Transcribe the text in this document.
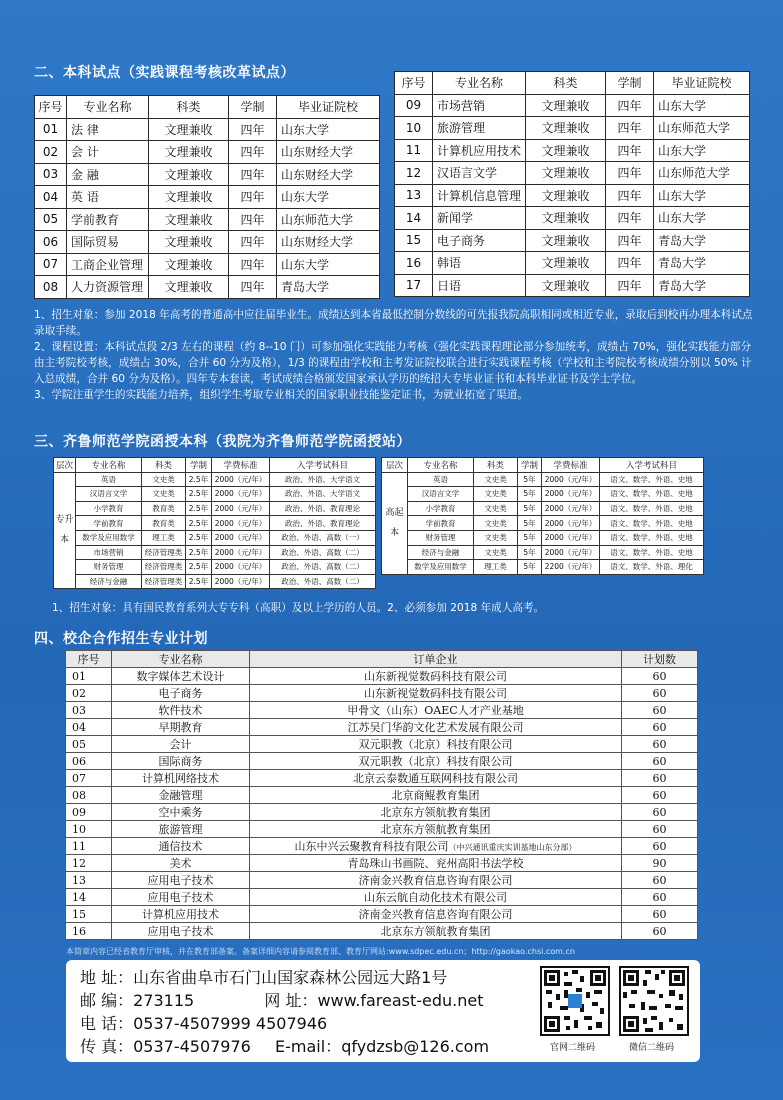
二、本科试点（实践课程考核改革试点）
序号	专业名称	科类	学制	毕业证院校
01	法 律	文理兼收	四年	山东大学
02	会 计	文理兼收	四年	山东财经大学
03	金 融	文理兼收	四年	山东财经大学
04	英 语	文理兼收	四年	山东大学
05	学前教育	文理兼收	四年	山东师范大学
06	国际贸易	文理兼收	四年	山东财经大学
07	工商企业管理	文理兼收	四年	山东大学
08	人力资源管理	文理兼收	四年	青岛大学
序号	专业名称	科类	学制	毕业证院校
09	市场营销	文理兼收	四年	山东大学
10	旅游管理	文理兼收	四年	山东师范大学
11	计算机应用技术	文理兼收	四年	山东大学
12	汉语言文学	文理兼收	四年	山东师范大学
13	计算机信息管理	文理兼收	四年	山东大学
14	新闻学	文理兼收	四年	山东大学
15	电子商务	文理兼收	四年	青岛大学
16	韩语	文理兼收	四年	青岛大学
17	日语	文理兼收	四年	青岛大学

1、招生对象：参加 2018 年高考的普通高中应往届毕业生。成绩达到本省最低控制分数线的可先报我院高职相同或相近专业，录取后到校再办理本科试点录取手续。

2、课程设置：本科试点段 2/3 左右的课程（约 8--10 门）可参加强化实践能力考核（强化实践课程理论部分参加统考，成绩占 70%，强化实践能力部分由主考院校考核，成绩占 30%，合并 60 分为及格），1/3 的课程由学校和主考发证院校联合进行实践课程考核（学校和主考院校考核成绩分别以 50% 计入总成绩，合并 60 分为及格）。四年专本套读，考试成绩合格颁发国家承认学历的统招大专毕业证书和本科毕业证书及学士学位。

3、学院注重学生的实践能力培养，组织学生考取专业相关的国家职业技能鉴定证书，为就业拓宽了渠道。

三、齐鲁师范学院函授本科（我院为齐鲁师范学院函授站）
层次	专业名称	科类	学制	学费标准	入学考试科目
专升本	英语	文史类	2.5年	2000（元/年）	政治、外语、大学语文
	汉语言文学	文史类	2.5年	2000（元/年）	政治、外语、大学语文
	小学教育	教育类	2.5年	2000（元/年）	政治、外语、教育理论
	学前教育	教育类	2.5年	2000（元/年）	政治、外语、教育理论
	数学及应用数学	理工类	2.5年	2000（元/年）	政治、外语、高数（一）
	市场营销	经济管理类	2.5年	2000（元/年）	政治、外语、高数（二）
	财务管理	经济管理类	2.5年	2000（元/年）	政治、外语、高数（二）
	经济与金融	经济管理类	2.5年	2000（元/年）	政治、外语、高数（二）
层次	专业名称	科类	学制	学费标准	入学考试科目
高起本	英语	文史类	5年	2000（元/年）	语文、数学、外语、史地
	汉语言文学	文史类	5年	2000（元/年）	语文、数学、外语、史地
	小学教育	文史类	5年	2000（元/年）	语文、数学、外语、史地
	学前教育	文史类	5年	2000（元/年）	语文、数学、外语、史地
	财务管理	文史类	5年	2000（元/年）	语文、数学、外语、史地
	经济与金融	文史类	5年	2000（元/年）	语文、数学、外语、史地
	数学及应用数学	理工类	5年	2200（元/年）	语文、数学、外语、理化
1、招生对象：具有国民教育系列大专专科（高职）及以上学历的人员。2、必须参加 2018 年成人高考。
四、校企合作招生专业计划
序号	专业名称	订单企业	计划数
01	数字媒体艺术设计	山东新视觉数码科技有限公司	60
02	电子商务	山东新视觉数码科技有限公司	60
03	软件技术	甲骨文（山东）OAEC人才产业基地	60
04	早期教育	江苏吴门华韵文化艺术发展有限公司	60
05	会计	双元职教（北京）科技有限公司	60
06	国际商务	双元职教（北京）科技有限公司	60
07	计算机网络技术	北京云泰数通互联网科技有限公司	60
08	金融管理	北京商鲲教育集团	60
09	空中乘务	北京东方领航教育集团	60
10	旅游管理	北京东方领航教育集团	60
11	通信技术	山东中兴云聚教育科技有限公司（中兴通讯重庆实训基地山东分部）	60
12	美术	青岛珠山书画院、兖州高阳书法学校	90
13	应用电子技术	济南金兴教育信息咨询有限公司	60
14	应用电子技术	山东云航自动化技术有限公司	60
15	计算机应用技术	济南金兴教育信息咨询有限公司	60
16	应用电子技术	北京东方领航教育集团	60
本简章内容已经省教育厅审核，并在教育部备案。备案详细内容请参阅教育部、教育厅网站:www.sdpec.edu.cn；http://gaokao.chsi.com.cn
地 址：山东省曲阜市石门山国家森林公园远大路1号
邮 编：273115	网 址：www.fareast-edu.net
电 话：0537-4507999 4507946
传 真：0537-4507976 E-mail：qfydzsb@126.com	官网二维码	微信二维码
